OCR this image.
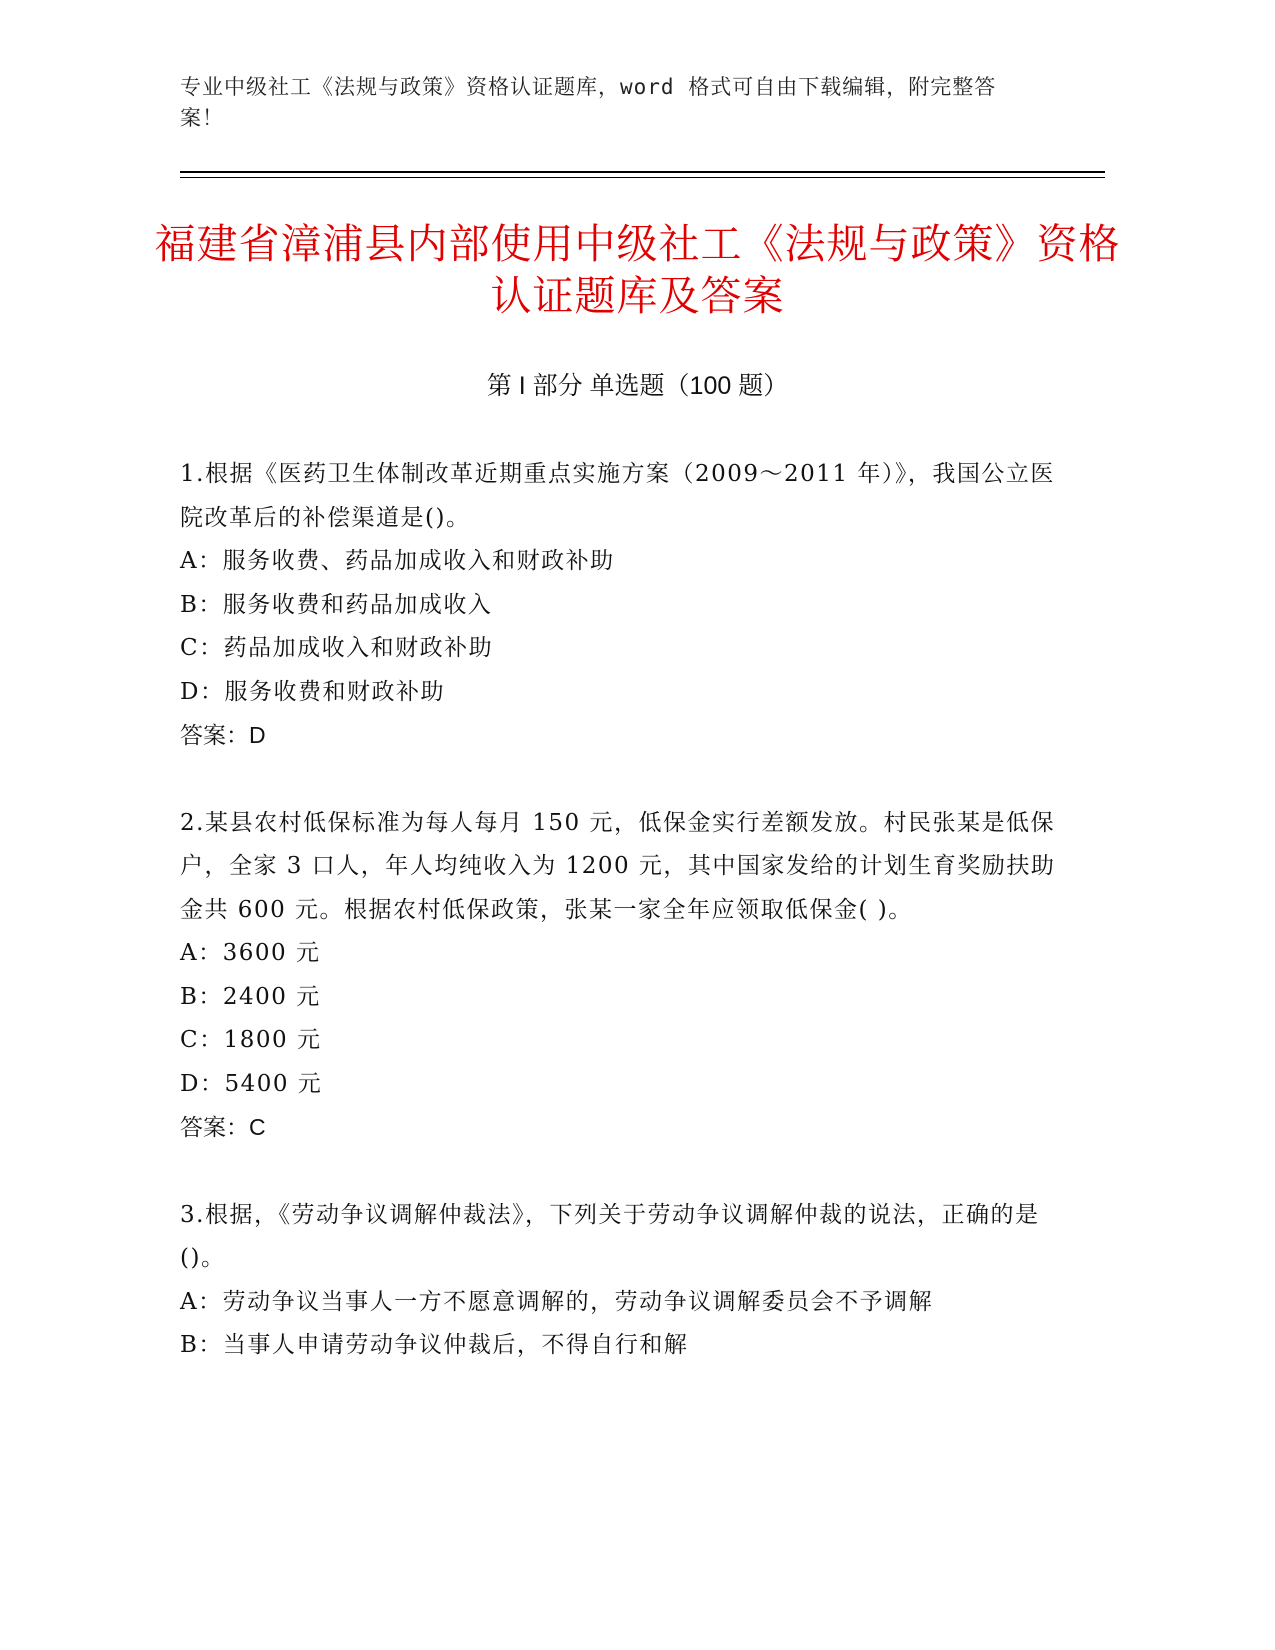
专业中级社工《法规与政策》资格认证题库，word 格式可自由下载编辑，附完整答案！
福建省漳浦县内部使用中级社工《法规与政策》资格认证题库及答案
第 I 部分 单选题（100 题）
1.根据《医药卫生体制改革近期重点实施方案（2009～2011 年）》，我国公立医院改革后的补偿渠道是()。
A：服务收费、药品加成收入和财政补助
B：服务收费和药品加成收入
C：药品加成收入和财政补助
D：服务收费和财政补助
答案：D
2.某县农村低保标准为每人每月 150 元，低保金实行差额发放。村民张某是低保户，全家 3 口人，年人均纯收入为 1200 元，其中国家发给的计划生育奖励扶助金共 600 元。根据农村低保政策，张某一家全年应领取低保金( )。
A：3600 元
B：2400 元
C：1800 元
D：5400 元
答案：C
3.根据，《劳动争议调解仲裁法》，下列关于劳动争议调解仲裁的说法，正确的是()。
A：劳动争议当事人一方不愿意调解的，劳动争议调解委员会不予调解
B：当事人申请劳动争议仲裁后，不得自行和解
